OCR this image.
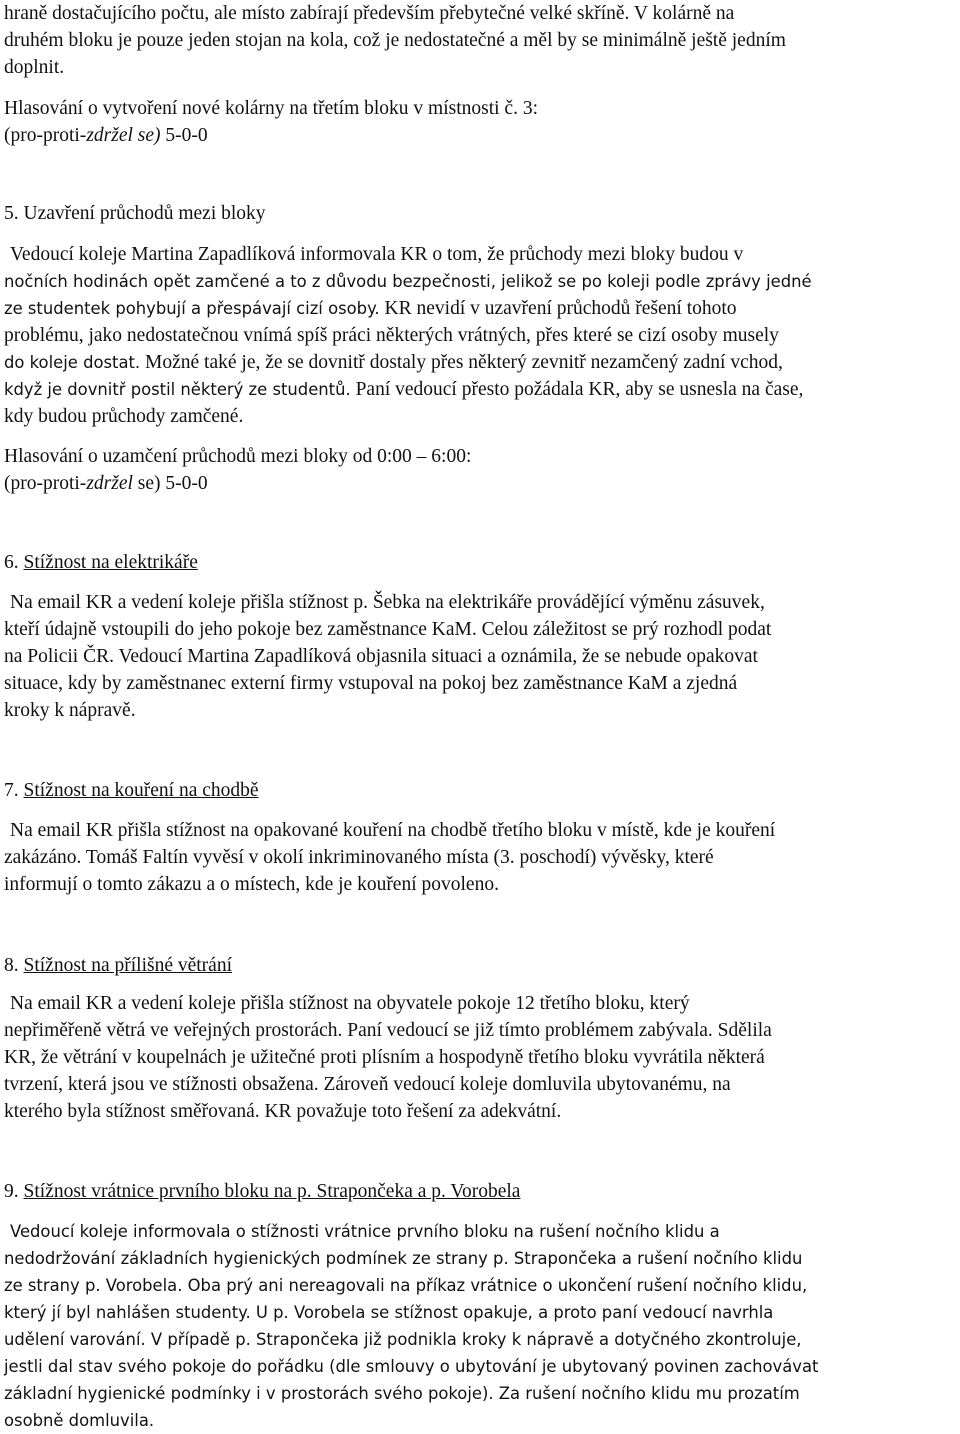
hraně dostačujícího počtu, ale místo zabírají především přebytečné velké skříně. V kolárně na

druhém bloku je pouze jeden stojan na kola, což je nedostatečné a měl by se minimálně ještě jedním

doplnit.

Hlasování o vytvoření nové kolárny na třetím bloku v místnosti č. 3:

(pro-proti-zdržel se) 5-0-0

5. Uzavření průchodů mezi bloky

Vedoucí koleje Martina Zapadlíková informovala KR o tom, že průchody mezi bloky budou v

nočních hodinách opět zamčené a to z důvodu bezpečnosti, jelikož se po koleji podle zprávy jedné

ze studentek pohybují a přespávají cizí osoby. KR nevidí v uzavření průchodů řešení tohoto

problému, jako nedostatečnou vnímá spíš práci některých vrátných, přes které se cizí osoby musely

do koleje dostat. Možné také je, že se dovnitř dostaly přes některý zevnitř nezamčený zadní vchod,

když je dovnitř postil některý ze studentů. Paní vedoucí přesto požádala KR, aby se usnesla na čase,

kdy budou průchody zamčené.

Hlasování o uzamčení průchodů mezi bloky od 0:00 – 6:00:

(pro-proti-zdržel se) 5-0-0

6. Stížnost na elektrikáře

Na email KR a vedení koleje přišla stížnost p. Šebka na elektrikáře provádějící výměnu zásuvek,

kteří údajně vstoupili do jeho pokoje bez zaměstnance KaM. Celou záležitost se prý rozhodl podat

na Policii ČR. Vedoucí Martina Zapadlíková objasnila situaci a oznámila, že se nebude opakovat

situace, kdy by zaměstnanec externí firmy vstupoval na pokoj bez zaměstnance KaM a zjedná

kroky k nápravě.

7. Stížnost na kouření na chodbě

Na email KR přišla stížnost na opakované kouření na chodbě třetího bloku v místě, kde je kouření

zakázáno. Tomáš Faltín vyvěsí v okolí inkriminovaného místa (3. poschodí) vývěsky, které

informují o tomto zákazu a o místech, kde je kouření povoleno.

8. Stížnost na přílišné větrání

Na email KR a vedení koleje přišla stížnost na obyvatele pokoje 12 třetího bloku, který

nepřiměřeně větrá ve veřejných prostorách. Paní vedoucí se již tímto problémem zabývala. Sdělila

KR, že větrání v koupelnách je užitečné proti plísním a hospodyně třetího bloku vyvrátila některá

tvrzení, která jsou ve stížnosti obsažena. Zároveň vedoucí koleje domluvila ubytovanému, na

kterého byla stížnost směřovaná. KR považuje toto řešení za adekvátní.

9. Stížnost vrátnice prvního bloku na p. Strapončeka a p. Vorobela

Vedoucí koleje informovala o stížnosti vrátnice prvního bloku na rušení nočního klidu a

nedodržování základních hygienických podmínek ze strany p. Strapončeka a rušení nočního klidu

ze strany p. Vorobela. Oba prý ani nereagovali na příkaz vrátnice o ukončení rušení nočního klidu,

který jí byl nahlášen studenty. U p. Vorobela se stížnost opakuje, a proto paní vedoucí navrhla

udělení varování. V případě p. Strapončeka již podnikla kroky k nápravě a dotyčného zkontroluje,

jestli dal stav svého pokoje do pořádku (dle smlouvy o ubytování je ubytovaný povinen zachovávat

základní hygienické podmínky i v prostorách svého pokoje). Za rušení nočního klidu mu prozatím

osobně domluvila.
